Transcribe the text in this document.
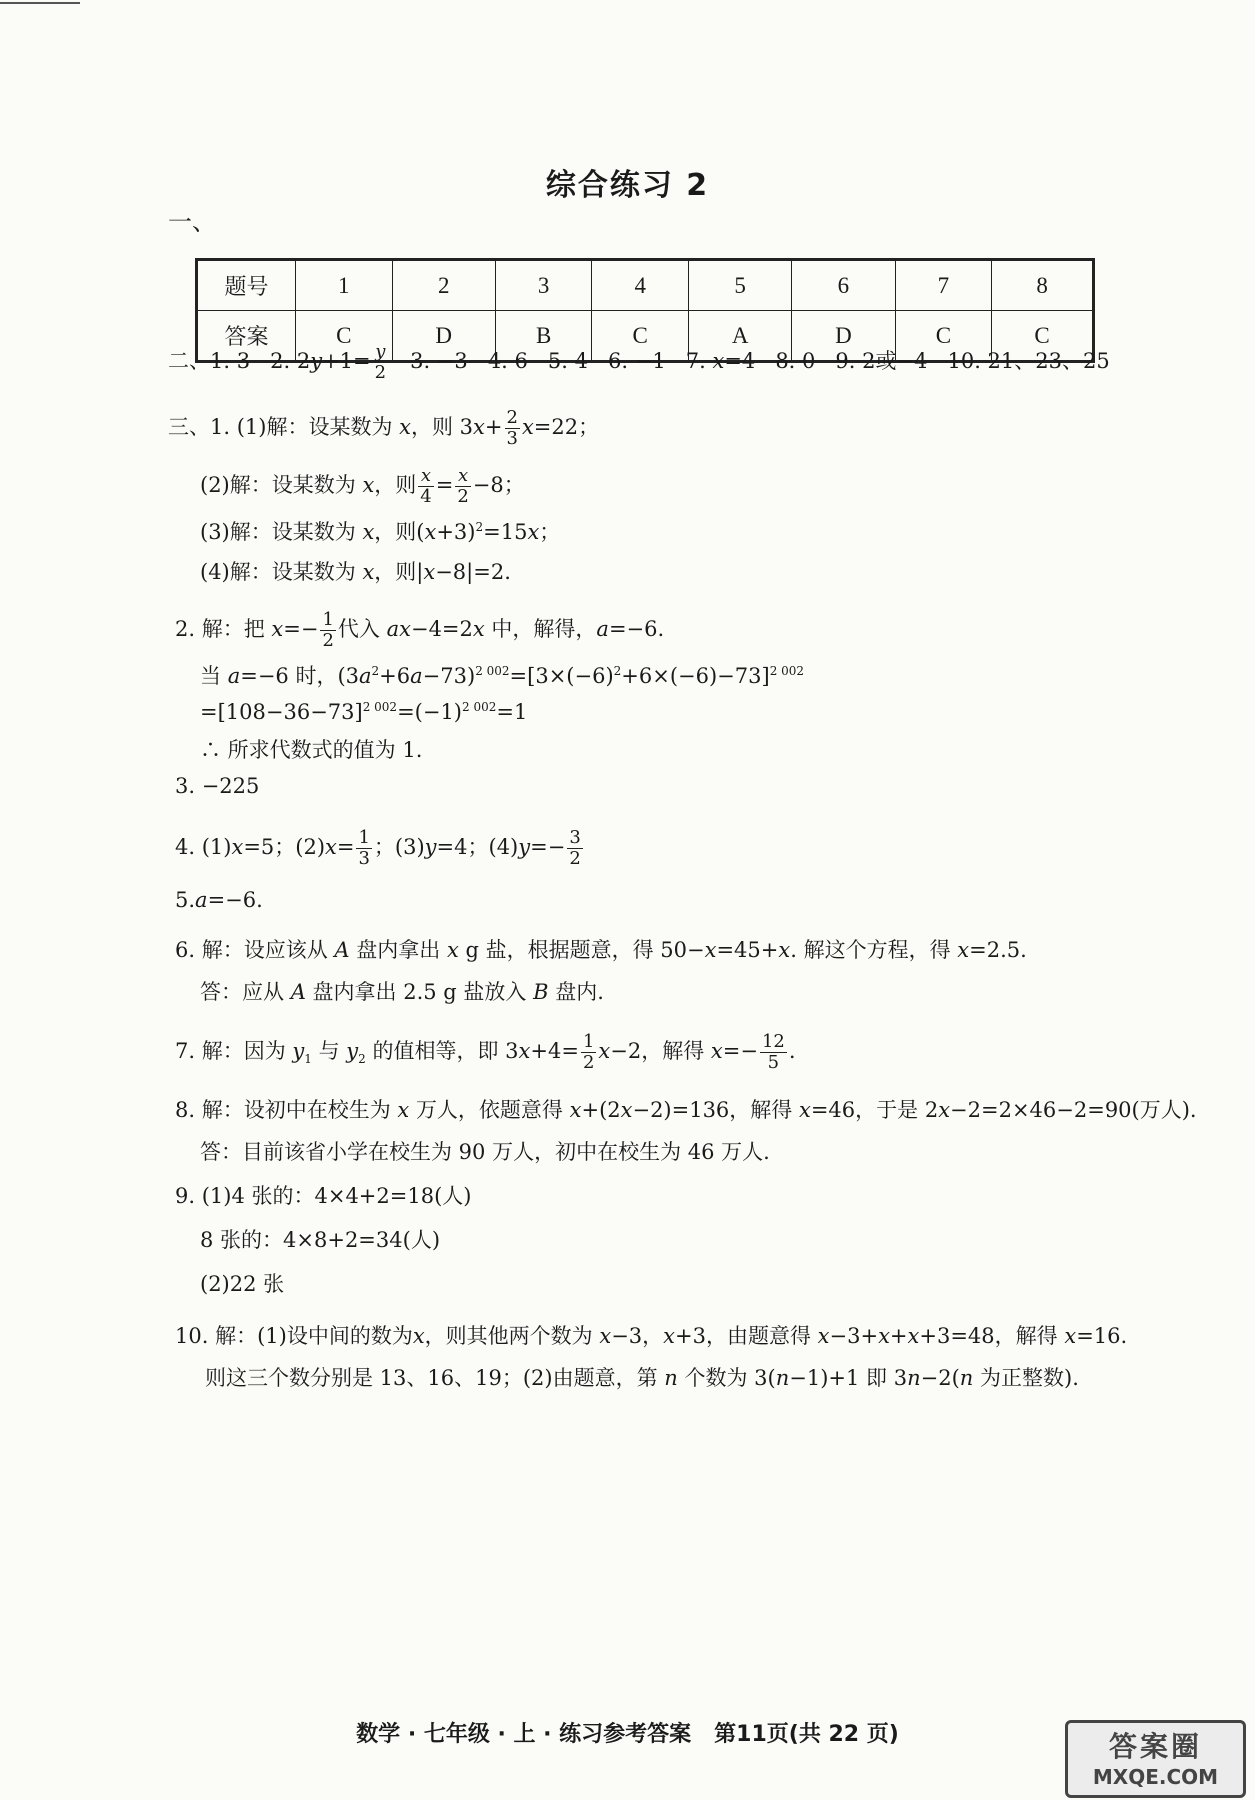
综合练习 2
一、
题号	1	2	3	4	5	6	7	8
答案	C	D	B	C	A	D	C	C
二、1. 3 2. $2y+1= \frac{y}{2} 3$. −3 4. 6 5. 4 6. −1 7. x=4 8. 0 9. 2或−4 10. 21、23、25
三、1. (1)解：设某数为 x，则 $3x+ \frac{2}{3} x=22$；
(2)解：设某数为 x，则 $\frac{x}{4} = \frac{x}{2} -8$；
(3)解：设某数为 x，则$(x+3)^2=15x$；
(4)解：设某数为 x，则|x−8|=2.
2. 解：把 $x=- \frac{1}{2}$ 代入 ax−4=2x 中，解得，a=−6.
当 a=−6 时，$(3a^2+6a-73)^{2 002}=[3\times(-6)^2+6\times(-6)-73]^{2 002}$
$=[108-36-73]^{2 002}=(-1)^{2 002}=1$
∴ 所求代数式的值为 1.
3. −225
4. (1)x=5；$(2)x= \frac{1}{3}$ ；(3)y=4；$(4)y=- \frac{3}{2}$
5.a=−6.
6. 解：设应该从 A 盘内拿出 x g 盐，根据题意，得 50−x=45+x. 解这个方程，得 x=2.5.
答：应从 A 盘内拿出 2.5 g 盐放入 B 盘内.
7. 解：因为 $y_1$ 与 $y_2$ 的值相等，即 $3x+4= \frac{1}{2} x-2$，解得 $x=- \frac{12}{5}$ .
8. 解：设初中在校生为 x 万人，依题意得 x+(2x−2)=136，解得 x=46，于是 2x−2=2×46−2=90(万人).
答：目前该省小学在校生为 90 万人，初中在校生为 46 万人.
9. (1)4 张的：4×4+2=18(人)
8 张的：4×8+2=34(人)
(2)22 张
10. 解：(1)设中间的数为x，则其他两个数为 x−3，x+3，由题意得 x−3+x+x+3=48，解得 x=16.
则这三个数分别是 13、16、19；(2)由题意，第 n 个数为 3(n−1)+1 即 3n−2(n 为正整数).
数学 · 七年级 · 上 · 练习参考答案 第11页(共 22 页)	答案圈
MXQE.COM
